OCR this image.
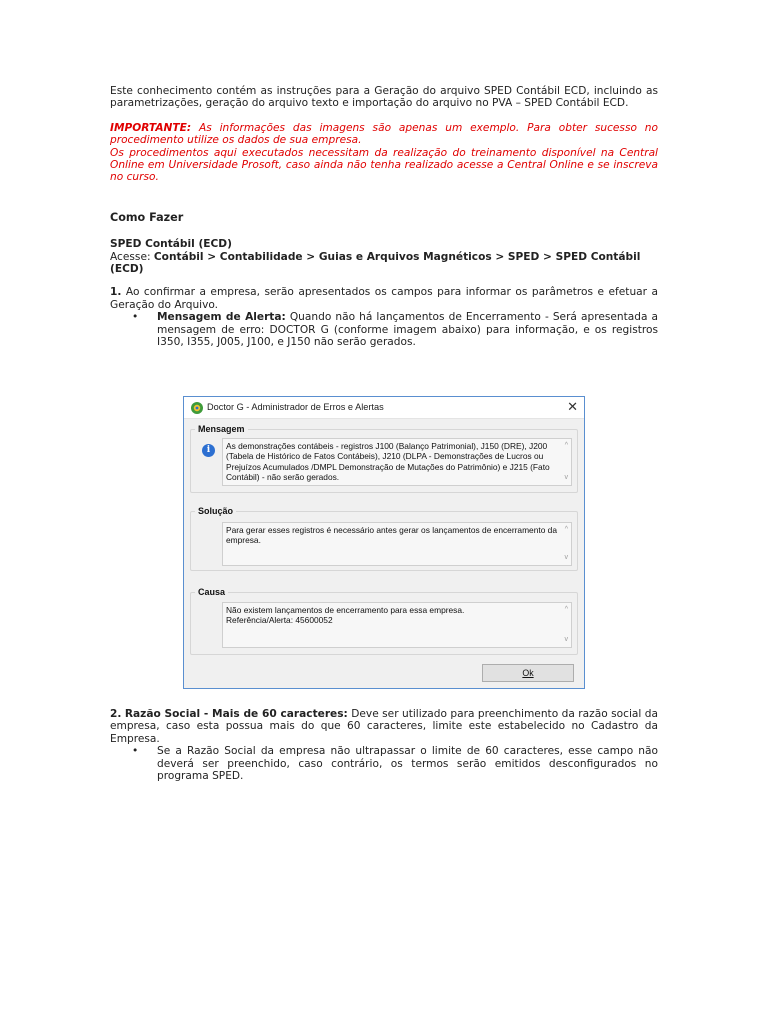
Este conhecimento contém as instruções para a Geração do arquivo SPED Contábil ECD, incluindo as parametrizações, geração do arquivo texto e importação do arquivo no PVA – SPED Contábil ECD.

IMPORTANTE: As informações das imagens são apenas um exemplo. Para obter sucesso no procedimento utilize os dados de sua empresa.
Os procedimentos aqui executados necessitam da realização do treinamento disponível na Central Online em Universidade Prosoft, caso ainda não tenha realizado acesse a Central Online e se inscreva no curso.

Como Fazer

SPED Contábil (ECD)

Acesse: Contábil > Contabilidade > Guias e Arquivos Magnéticos > SPED > SPED Contábil (ECD)

1. Ao confirmar a empresa, serão apresentados os campos para informar os parâmetros e efetuar a Geração do Arquivo.

• Mensagem de Alerta: Quando não há lançamentos de Encerramento - Será apresentada a mensagem de erro: DOCTOR G (conforme imagem abaixo) para informação, e os registros I350, I355, J005, J100, e J150 não serão gerados.
Doctor G - Administrador de Erros e Alertas	✕
Mensagem
i	As demonstrações contábeis - registros J100 (Balanço Patrimonial), J150 (DRE), J200 (Tabela de Histórico de Fatos Contábeis), J210 (DLPA - Demonstrações de Lucros ou Prejuízos Acumulados /DMPL Demonstração de Mutações do Patrimônio) e J215 (Fato Contábil) - não serão gerados.
^
v
Solução
Para gerar esses registros é necessário antes gerar os lançamentos de encerramento da empresa.
^
v
Causa
Não existem lançamentos de encerramento para essa empresa.
Referência/Alerta: 45600052
^
v
Ok

2. Razão Social - Mais de 60 caracteres: Deve ser utilizado para preenchimento da razão social da empresa, caso esta possua mais do que 60 caracteres, limite este estabelecido no Cadastro da Empresa.

• Se a Razão Social da empresa não ultrapassar o limite de 60 caracteres, esse campo não deverá ser preenchido, caso contrário, os termos serão emitidos desconfigurados no programa SPED.
